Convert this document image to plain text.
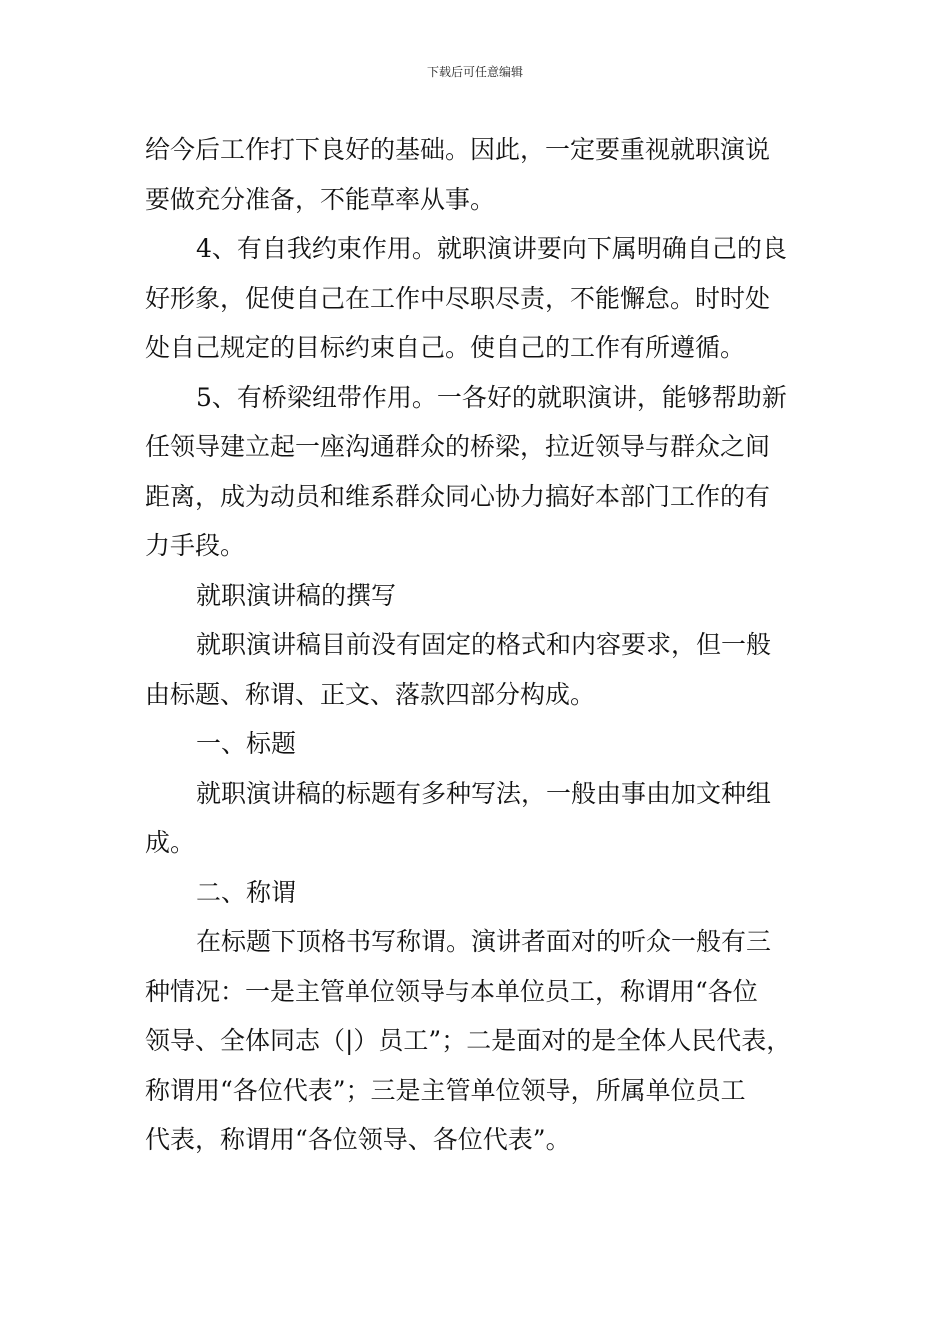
下载后可任意编辑
给今后工作打下良好的基础。因此，一定要重视就职演说
要做充分准备，不能草率从事。
4、有自我约束作用。就职演讲要向下属明确自己的良
好形象，促使自己在工作中尽职尽责，不能懈怠。时时处
处自己规定的目标约束自己。使自己的工作有所遵循。
5、有桥梁纽带作用。一各好的就职演讲，能够帮助新
任领导建立起一座沟通群众的桥梁，拉近领导与群众之间
距离，成为动员和维系群众同心协力搞好本部门工作的有
力手段。
就职演讲稿的撰写
就职演讲稿目前没有固定的格式和内容要求，但一般
由标题、称谓、正文、落款四部分构成。
一、标题
就职演讲稿的标题有多种写法，一般由事由加文种组
成。
二、称谓
在标题下顶格书写称谓。演讲者面对的听众一般有三
种情况：一是主管单位领导与本单位员工，称谓用“各位
领导、全体同志（|）员工”；二是面对的是全体人民代表，
称谓用“各位代表”；三是主管单位领导，所属单位员工
代表，称谓用“各位领导、各位代表”。
